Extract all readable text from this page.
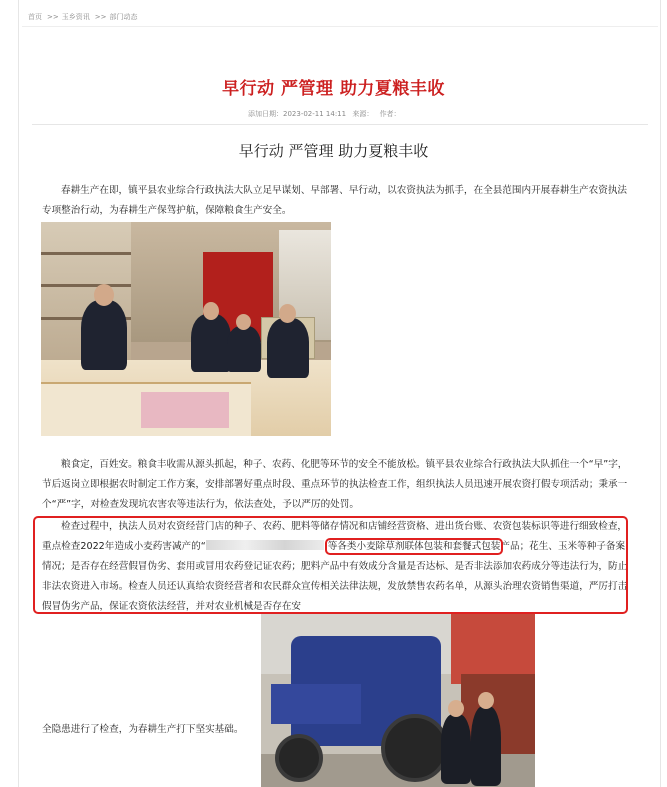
首页 >> 玉乡资讯 >> 部门动态
早行动 严管理 助力夏粮丰收
添加日期：2023-02-11 14:11 来源： 作者：
早行动 严管理 助力夏粮丰收

春耕生产在即，镇平县农业综合行政执法大队立足早谋划、早部署、早行动，以农资执法为抓手，在全县范围内开展春耕生产农资执法专项整治行动，为春耕生产保驾护航，保障粮食生产安全。

粮食定，百姓安。粮食丰收需从源头抓起，种子、农药、化肥等环节的安全不能放松。镇平县农业综合行政执法大队抓住一个“早”字，节后返岗立即根据农时制定工作方案，安排部署好重点时段、重点环节的执法检查工作，组织执法人员迅速开展农资打假专项活动；秉承一个“严”字，对检查发现坑农害农等违法行为，依法查处，予以严厉的处罚。

检查过程中，执法人员对农资经营门店的种子、农药、肥料等储存情况和店铺经营资格、进出货台账、农资包装标识等进行细致检查，重点检查2022年造成小麦药害减产的“	等各类小麦除草剂联体包装和套餐式包装产品；花生、玉米等种子备案情况；是否存在经营假冒伪劣、套用或冒用农药登记证农药；肥料产品中有效成分含量是否达标、是否非法添加农药成分等违法行为，防止非法农资进入市场。检查人员还认真给农资经营者和农民群众宣传相关法律法规，发放禁售农药名单，从源头治理农资销售渠道，严厉打击假冒伪劣产品，保证农资依法经营，并对农业机械是否存在安

全隐患进行了检查，为春耕生产打下坚实基础。
